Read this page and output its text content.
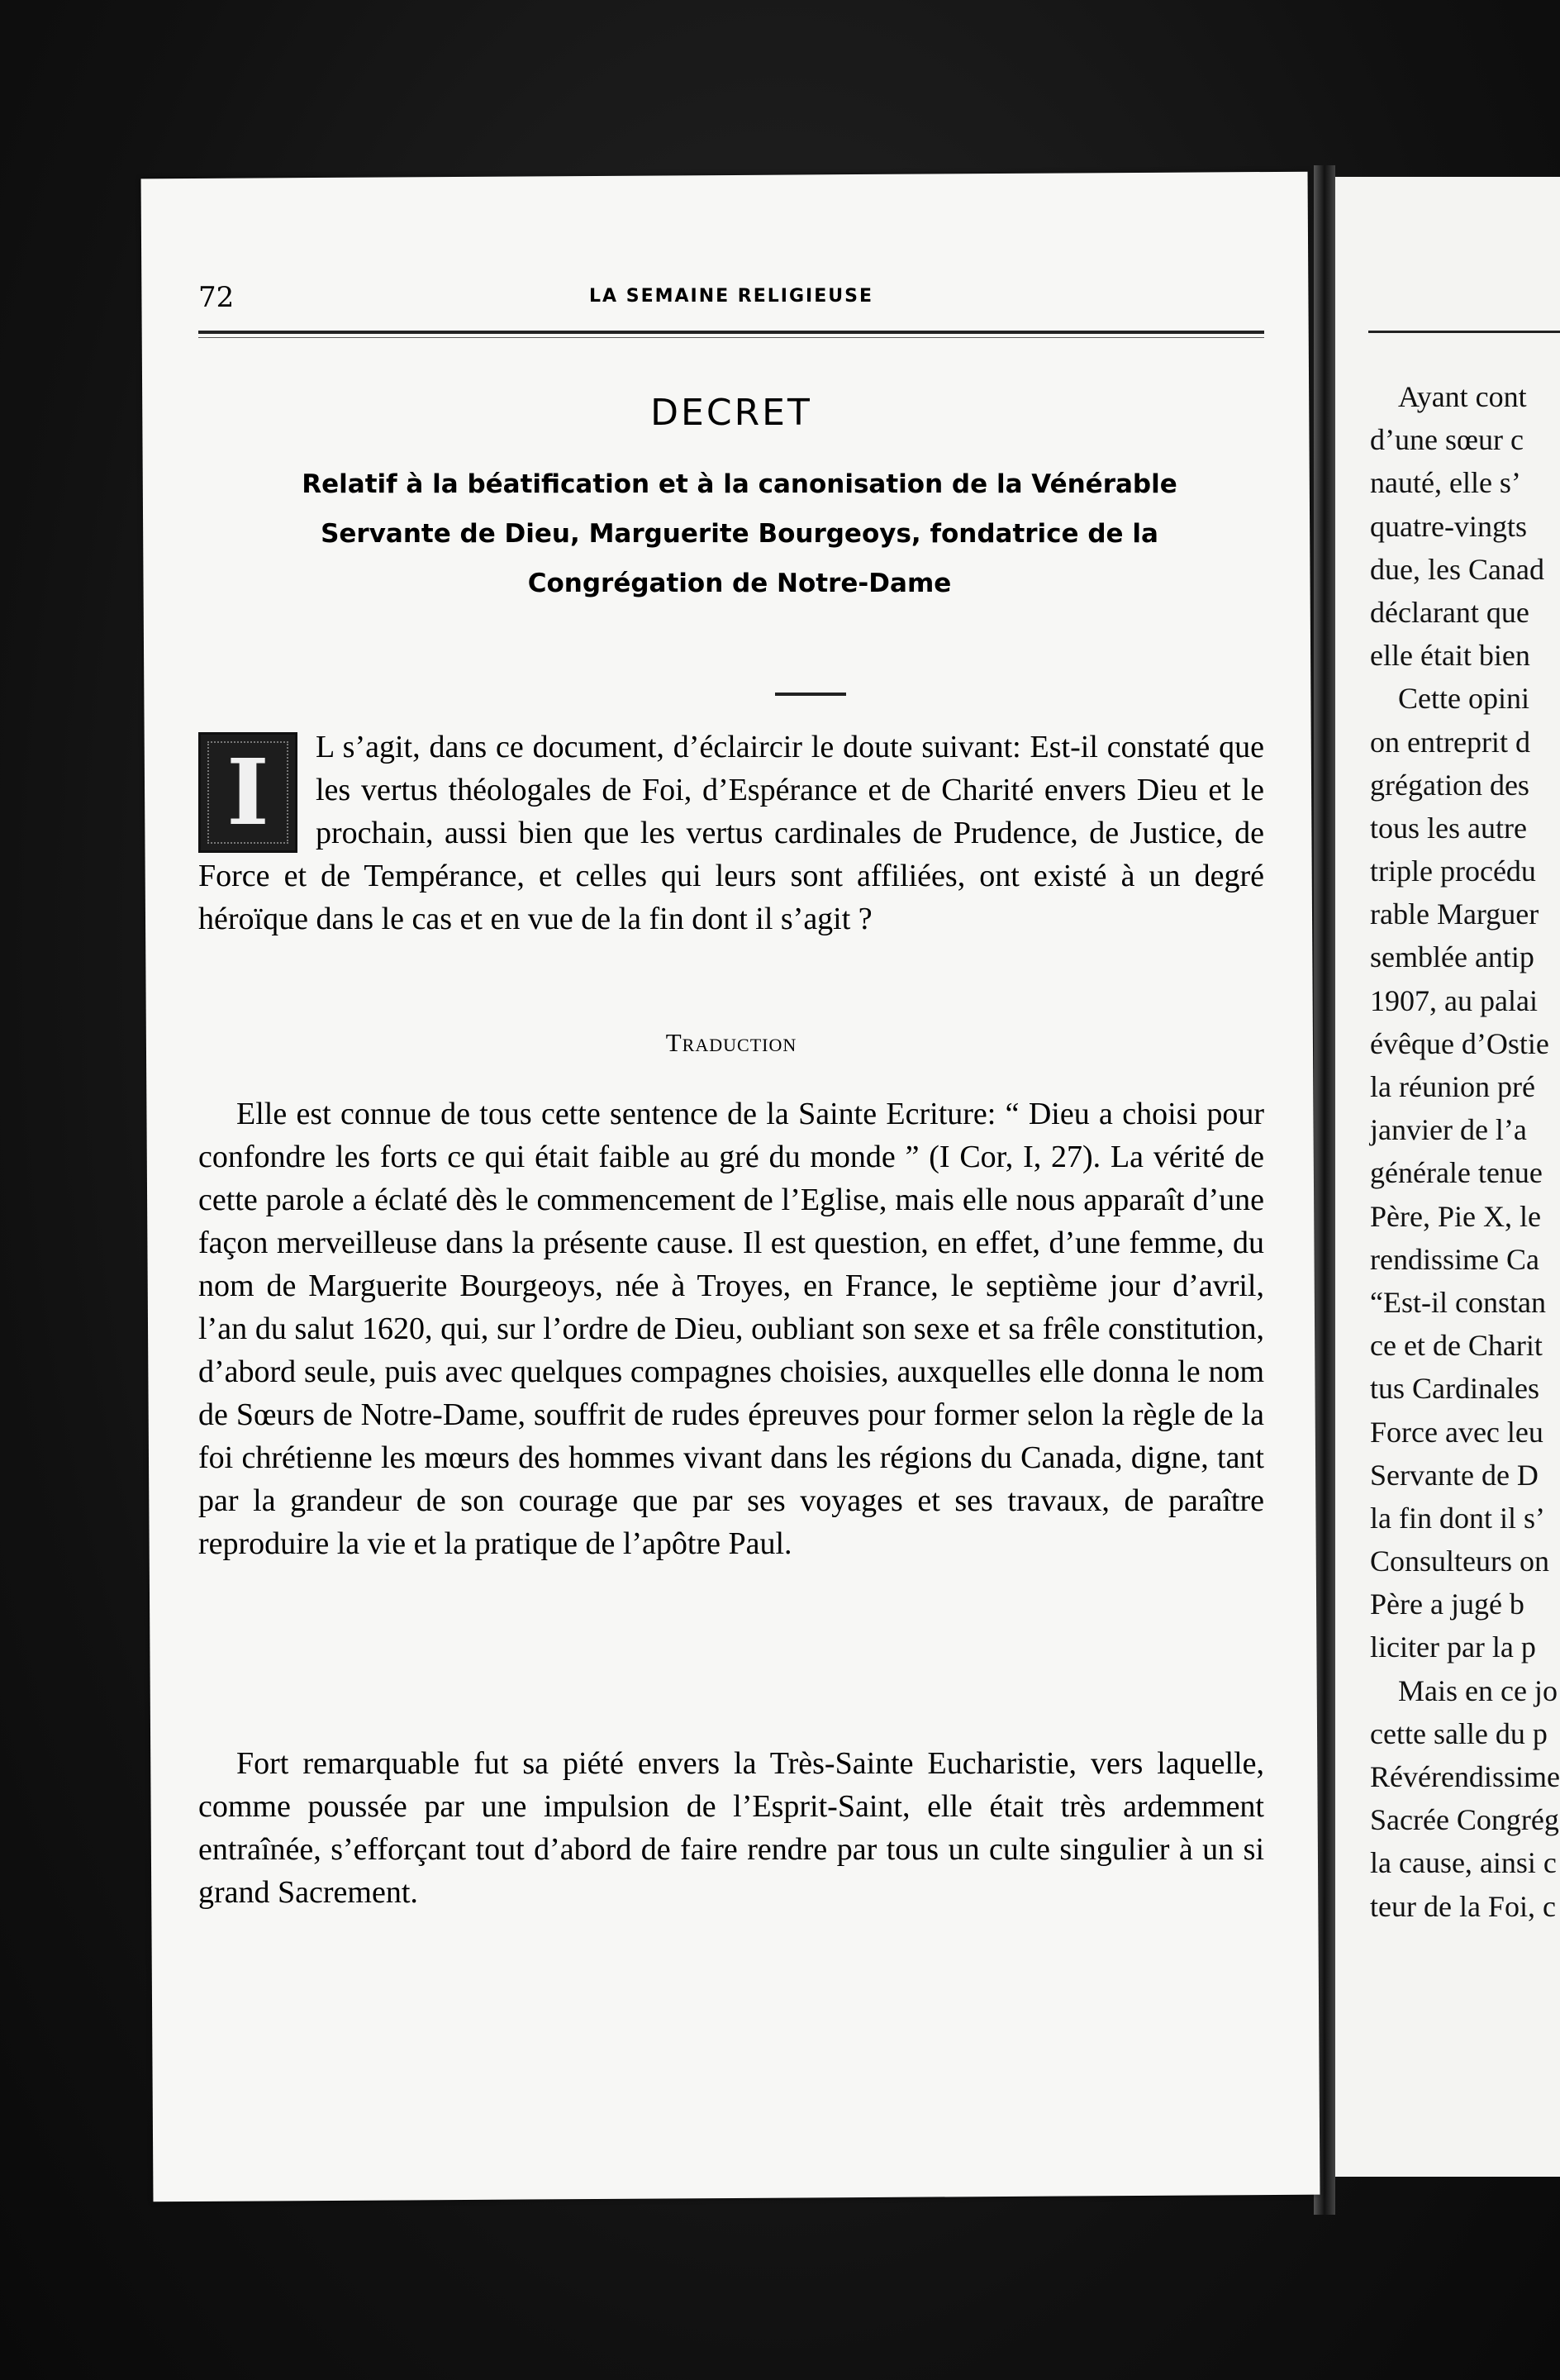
Ayant cont
d’une sœur c
nauté, elle s’
quatre-vingts
due, les Canad
déclarant que
elle était bien
Cette opini
on entreprit d
grégation des
tous les autre
triple procédu
rable Marguer
semblée antip
1907, au palai
évêque d’Ostie
la réunion pré
janvier de l’a
générale tenue
Père, Pie X, le
rendissime Ca
“Est-il constan
ce et de Charit
tus Cardinales
Force avec leu
Servante de D
la fin dont il s’
Consulteurs on
Père a jugé b
liciter par la p
Mais en ce jo
cette salle du p
Révérendissime
Sacrée Congrég
la cause, ainsi c
teur de la Foi, c
72	LA SEMAINE RELIGIEUSE
DECRET
Relatif à la béatification et à la canonisation de la Vénérable Servante de Dieu, Marguerite Bourgeoys, fondatrice de la Congrégation de Notre-Dame
I L s’agit, dans ce document, d’éclaircir le doute suivant: Est-il constaté que les vertus théologales de Foi, d’Espérance et de Charité envers Dieu et le prochain, aussi bien que les vertus cardinales de Prudence, de Justice, de Force et de Tempérance, et celles qui leurs sont affiliées, ont existé à un degré héroïque dans le cas et en vue de la fin dont il s’agit ?
Traduction
Elle est connue de tous cette sentence de la Sainte Ecriture: “ Dieu a choisi pour confondre les forts ce qui était faible au gré du monde ” (I Cor, I, 27). La vérité de cette parole a éclaté dès le commencement de l’Eglise, mais elle nous apparaît d’une façon merveilleuse dans la présente cause. Il est question, en effet, d’une femme, du nom de Marguerite Bourgeoys, née à Troyes, en France, le septième jour d’avril, l’an du salut 1620, qui, sur l’ordre de Dieu, oubliant son sexe et sa frêle constitution, d’abord seule, puis avec quelques compagnes choisies, auxquelles elle donna le nom de Sœurs de Notre-Dame, souffrit de rudes épreuves pour former selon la règle de la foi chrétienne les mœurs des hommes vivant dans les régions du Canada, digne, tant par la grandeur de son courage que par ses voyages et ses travaux, de paraître reproduire la vie et la pratique de l’apôtre Paul.
Fort remarquable fut sa piété envers la Très-Sainte Eucharistie, vers laquelle, comme poussée par une impulsion de l’Esprit-Saint, elle était très ardemment entraînée, s’efforçant tout d’abord de faire rendre par tous un culte singulier à un si grand Sacrement.
